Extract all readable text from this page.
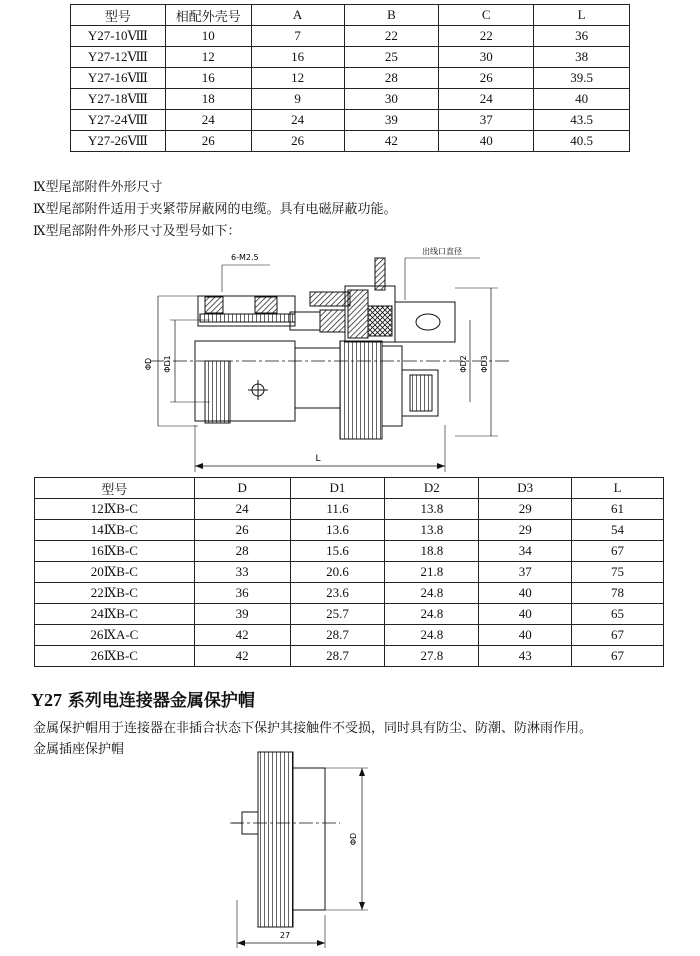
型号	相配外壳号	A	B	C	L
Y27-10Ⅷ	10	7	22	22	36
Y27-12Ⅷ	12	16	25	30	38
Y27-16Ⅷ	16	12	28	26	39.5
Y27-18Ⅷ	18	9	30	24	40
Y27-24Ⅷ	24	24	39	37	43.5
Y27-26Ⅷ	26	26	42	40	40.5
Ⅸ型尾部附件外形尺寸
Ⅸ型尾部附件适用于夹紧带屏蔽网的电缆。具有电磁屏蔽功能。
Ⅸ型尾部附件外形尺寸及型号如下：
6-M2.5
出线口直径
ΦD ΦD1	ΦD2 ΦD3
L
型号	D	D1	D2	D3	L
12ⅨB-C	24	11.6	13.8	29	61
14ⅨB-C	26	13.6	13.8	29	54
16ⅨB-C	28	15.6	18.8	34	67
20ⅨB-C	33	20.6	21.8	37	75
22ⅨB-C	36	23.6	24.8	40	78
24ⅨB-C	39	25.7	24.8	40	65
26ⅨA-C	42	28.7	24.8	40	67
26ⅨB-C	42	28.7	27.8	43	67
Y27 系列电连接器金属保护帽
金属保护帽用于连接器在非插合状态下保护其接触件不受损，同时具有防尘、防潮、防淋雨作用。
金属插座保护帽
ΦD
27
